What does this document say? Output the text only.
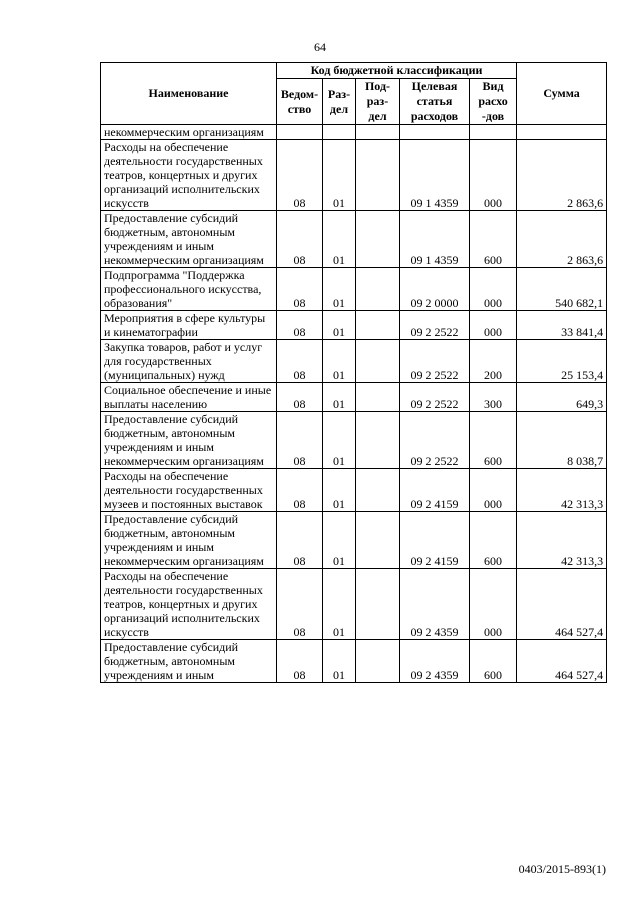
64
Наименование	Код бюджетной классификации					Сумма
	Ведом-ство	Раз-дел	Под-раз-дел	Целевая статья расходов	Вид расхо -дов	
некоммерческим организациям						
Расходы на обеспечение деятельности государственных театров, концертных и других организаций исполнительских искусств	08	01		09 1 4359	000	2 863,6
Предоставление субсидий бюджетным, автономным учреждениям и иным некоммерческим организациям	08	01		09 1 4359	600	2 863,6
Подпрограмма "Поддержка профессионального искусства, образования"	08	01		09 2 0000	000	540 682,1
Мероприятия в сфере культуры и кинематографии	08	01		09 2 2522	000	33 841,4
Закупка товаров, работ и услуг для государственных (муниципальных) нужд	08	01		09 2 2522	200	25 153,4
Социальное обеспечение и иные выплаты населению	08	01		09 2 2522	300	649,3
Предоставление субсидий бюджетным, автономным учреждениям и иным некоммерческим организациям	08	01		09 2 2522	600	8 038,7
Расходы на обеспечение деятельности государственных музеев и постоянных выставок	08	01		09 2 4159	000	42 313,3
Предоставление субсидий бюджетным, автономным учреждениям и иным некоммерческим организациям	08	01		09 2 4159	600	42 313,3
Расходы на обеспечение деятельности государственных театров, концертных и других организаций исполнительских искусств	08	01		09 2 4359	000	464 527,4
Предоставление субсидий бюджетным, автономным учреждениям и иным	08	01		09 2 4359	600	464 527,4
0403/2015-893(1)
